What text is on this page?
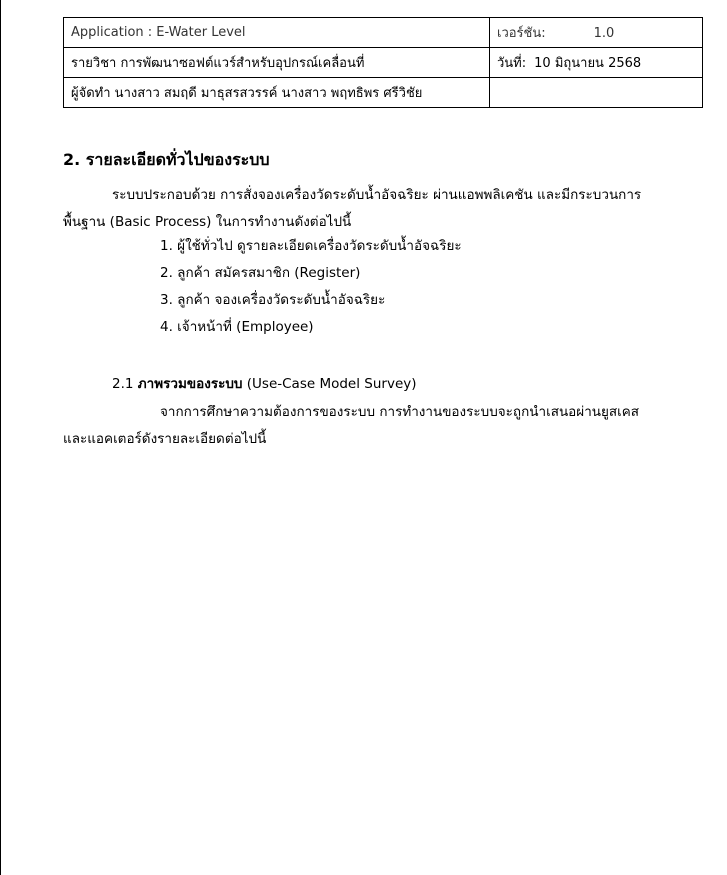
Application : E-Water Level	เวอร์ชัน: 1.0
รายวิชา การพัฒนาซอฟต์แวร์สำหรับอุปกรณ์เคลื่อนที่	วันที่: 10 มิถุนายน 2568
ผู้จัดทำ นางสาว สมฤดี มาธุสรสวรรค์ นางสาว พฤทธิพร ศรีวิชัย	
2. รายละเอียดทั่วไปของระบบ

ระบบประกอบด้วย การสั่งจองเครื่องวัดระดับน้ำอัจฉริยะ ผ่านแอพพลิเคชัน และมีกระบวนการ

พื้นฐาน (Basic Process) ในการทำงานดังต่อไปนี้

1. ผู้ใช้ทั่วไป ดูรายละเอียดเครื่องวัดระดับน้ำอัจฉริยะ
2. ลูกค้า สมัครสมาชิก (Register)
3. ลูกค้า จองเครื่องวัดระดับน้ำอัจฉริยะ
4. เจ้าหน้าที่ (Employee)

2.1 ภาพรวมของระบบ (Use-Case Model Survey)

จากการศึกษาความต้องการของระบบ การทำงานของระบบจะถูกนำเสนอผ่านยูสเคส

และแอคเตอร์ดังรายละเอียดต่อไปนี้
